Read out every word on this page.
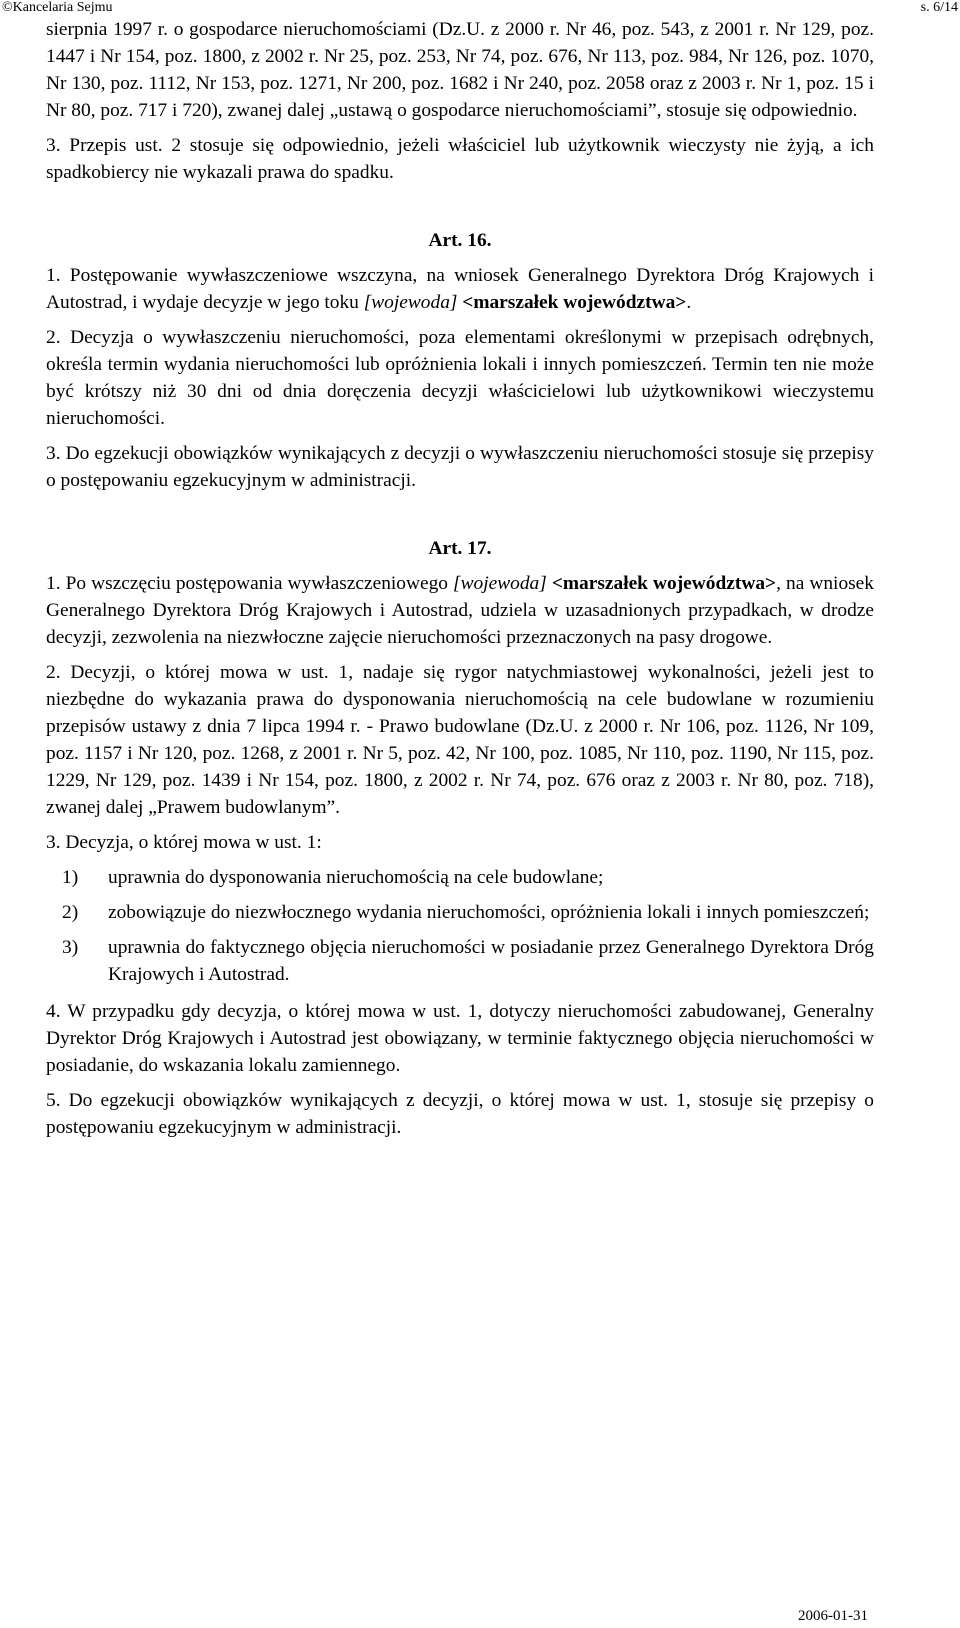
©Kancelaria Sejmu	s. 6/14

sierpnia 1997 r. o gospodarce nieruchomościami (Dz.U. z 2000 r. Nr 46, poz. 543, z 2001 r. Nr 129, poz. 1447 i Nr 154, poz. 1800, z 2002 r. Nr 25, poz. 253, Nr 74, poz. 676, Nr 113, poz. 984, Nr 126, poz. 1070, Nr 130, poz. 1112, Nr 153, poz. 1271, Nr 200, poz. 1682 i Nr 240, poz. 2058 oraz z 2003 r. Nr 1, poz. 15 i Nr 80, poz. 717 i 720), zwanej dalej „ustawą o gospodarce nieruchomościami”, stosuje się odpowiednio.

3. Przepis ust. 2 stosuje się odpowiednio, jeżeli właściciel lub użytkownik wieczysty nie żyją, a ich spadkobiercy nie wykazali prawa do spadku.

Art. 16.

1. Postępowanie wywłaszczeniowe wszczyna, na wniosek Generalnego Dyrektora Dróg Krajowych i Autostrad, i wydaje decyzje w jego toku [wojewoda] <marszałek województwa>.

2. Decyzja o wywłaszczeniu nieruchomości, poza elementami określonymi w przepisach odrębnych, określa termin wydania nieruchomości lub opróżnienia lokali i innych pomieszczeń. Termin ten nie może być krótszy niż 30 dni od dnia doręczenia decyzji właścicielowi lub użytkownikowi wieczystemu nieruchomości.

3. Do egzekucji obowiązków wynikających z decyzji o wywłaszczeniu nieruchomości stosuje się przepisy o postępowaniu egzekucyjnym w administracji.

Art. 17.

1. Po wszczęciu postępowania wywłaszczeniowego [wojewoda] <marszałek województwa>, na wniosek Generalnego Dyrektora Dróg Krajowych i Autostrad, udziela w uzasadnionych przypadkach, w drodze decyzji, zezwolenia na niezwłoczne zajęcie nieruchomości przeznaczonych na pasy drogowe.

2. Decyzji, o której mowa w ust. 1, nadaje się rygor natychmiastowej wykonalności, jeżeli jest to niezbędne do wykazania prawa do dysponowania nieruchomością na cele budowlane w rozumieniu przepisów ustawy z dnia 7 lipca 1994 r. - Prawo budowlane (Dz.U. z 2000 r. Nr 106, poz. 1126, Nr 109, poz. 1157 i Nr 120, poz. 1268, z 2001 r. Nr 5, poz. 42, Nr 100, poz. 1085, Nr 110, poz. 1190, Nr 115, poz. 1229, Nr 129, poz. 1439 i Nr 154, poz. 1800, z 2002 r. Nr 74, poz. 676 oraz z 2003 r. Nr 80, poz. 718), zwanej dalej „Prawem budowlanym”.

3. Decyzja, o której mowa w ust. 1:

1)	uprawnia do dysponowania nieruchomością na cele budowlane;
2)	zobowiązuje do niezwłocznego wydania nieruchomości, opróżnienia lokali i innych pomieszczeń;
3)	uprawnia do faktycznego objęcia nieruchomości w posiadanie przez Generalnego Dyrektora Dróg Krajowych i Autostrad.

4. W przypadku gdy decyzja, o której mowa w ust. 1, dotyczy nieruchomości zabudowanej, Generalny Dyrektor Dróg Krajowych i Autostrad jest obowiązany, w terminie faktycznego objęcia nieruchomości w posiadanie, do wskazania lokalu zamiennego.

5. Do egzekucji obowiązków wynikających z decyzji, o której mowa w ust. 1, stosuje się przepisy o postępowaniu egzekucyjnym w administracji.

2006-01-31
